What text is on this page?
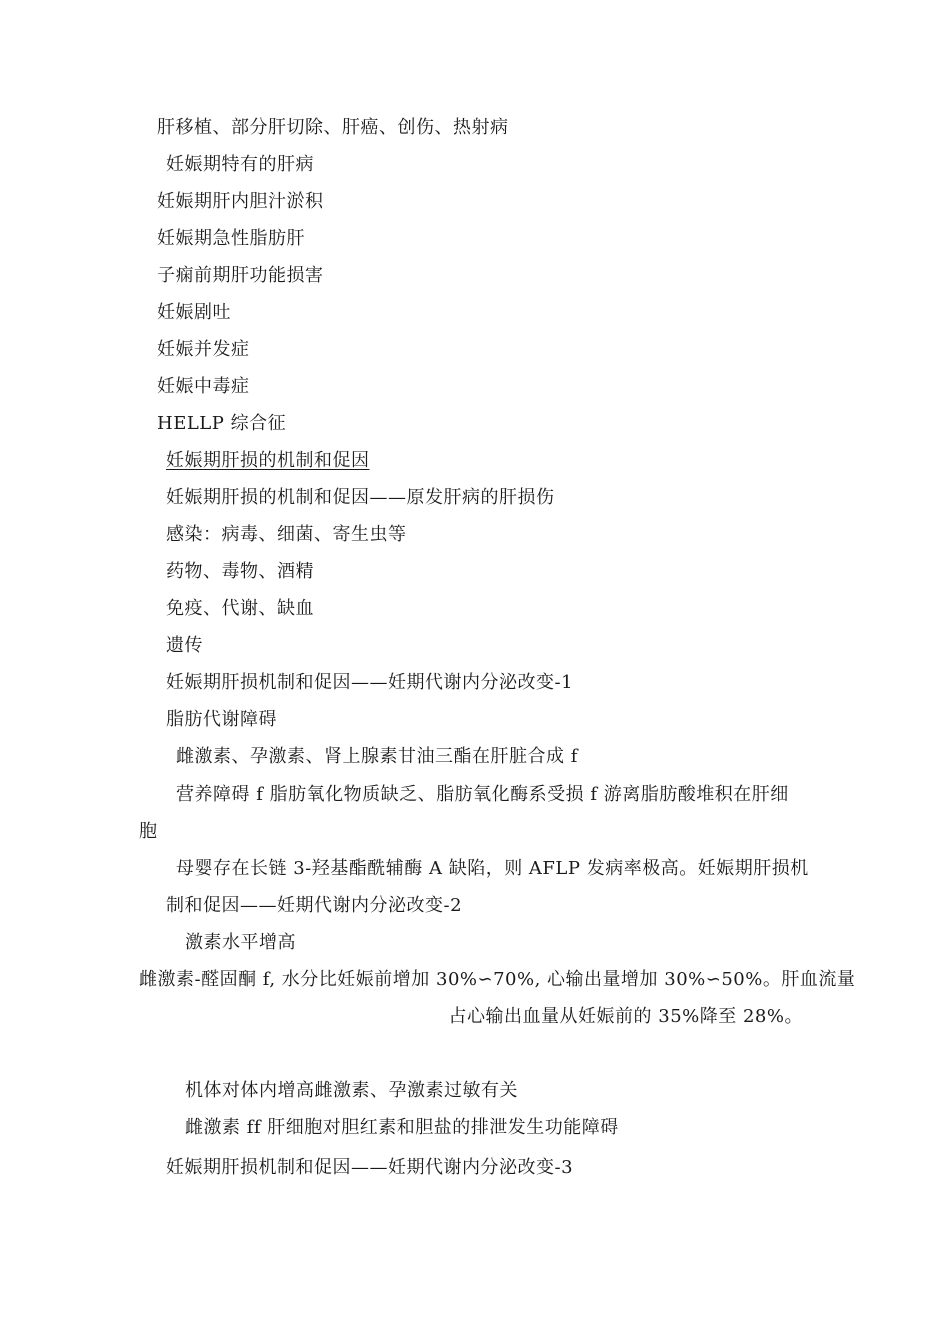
肝移植、部分肝切除、肝癌、创伤、热射病
妊娠期特有的肝病
妊娠期肝内胆汁淤积
妊娠期急性脂肪肝
子痫前期肝功能损害
妊娠剧吐
妊娠并发症
妊娠中毒症
HELLP 综合征
妊娠期肝损的机制和促因
妊娠期肝损的机制和促因——原发肝病的肝损伤
感染：病毒、细菌、寄生虫等
药物、毒物、酒精
免疫、代谢、缺血
遗传
妊娠期肝损机制和促因——妊期代谢内分泌改变-1
脂肪代谢障碍
雌激素、孕激素、肾上腺素甘油三酯在肝脏合成 f
营养障碍 f 脂肪氧化物质缺乏、脂肪氧化酶系受损 f 游离脂肪酸堆积在肝细
胞
母婴存在长链 3-羟基酯酰辅酶 A 缺陷，则 AFLP 发病率极高。妊娠期肝损机
制和促因——妊期代谢内分泌改变-2
激素水平增高
雌激素-醛固酮 f, 水分比妊娠前增加 30%∽70%, 心输出量增加 30%∽50%。肝血流量
占心输出血量从妊娠前的 35%降至 28%。
机体对体内增高雌激素、孕激素过敏有关
雌激素 ff 肝细胞对胆红素和胆盐的排泄发生功能障碍
妊娠期肝损机制和促因——妊期代谢内分泌改变-3
